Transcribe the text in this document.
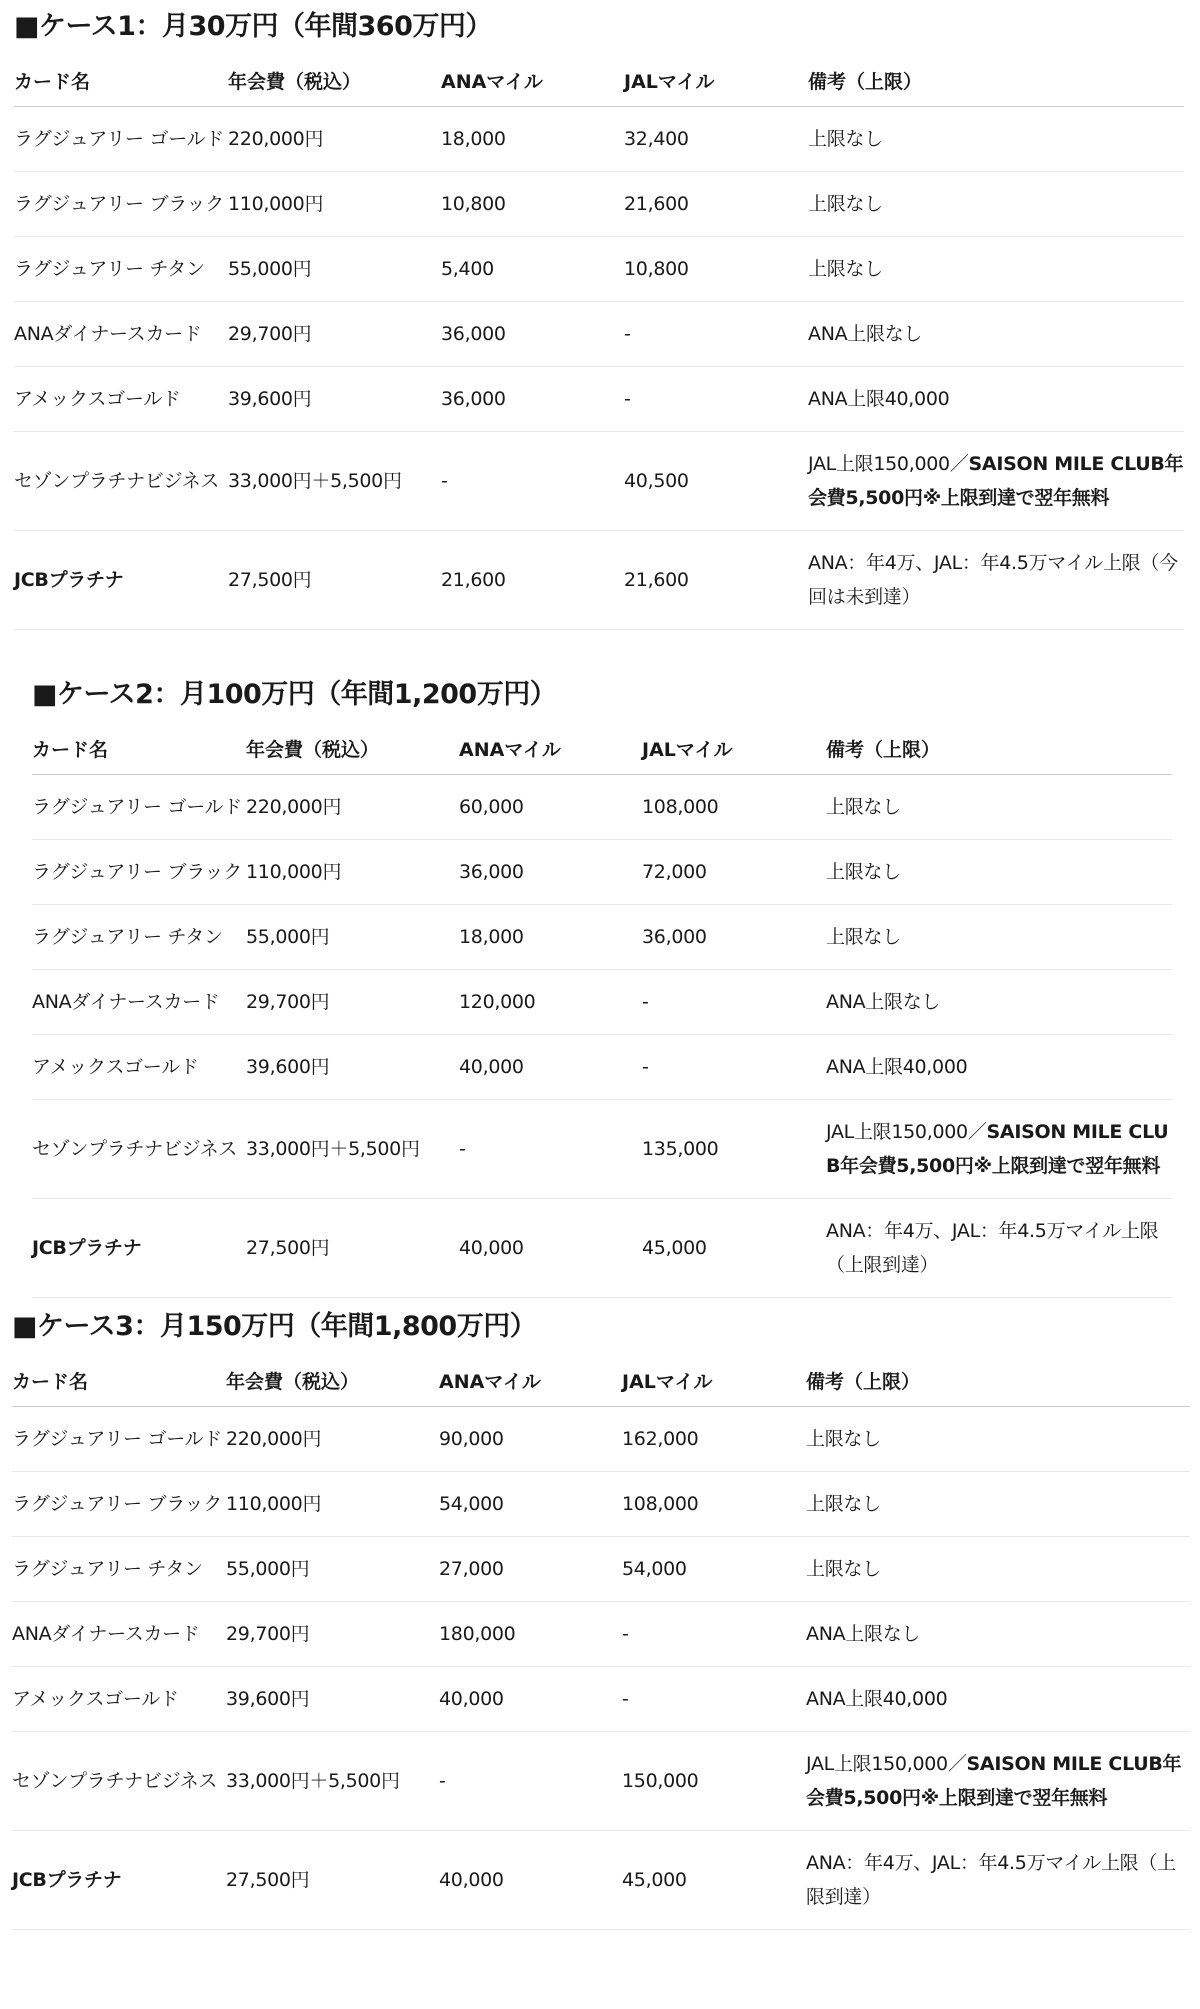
■ケース1：月30万円（年間360万円）
カード名	年会費（税込）	ANAマイル	JALマイル	備考（上限）
ラグジュアリー ゴールド	220,000円	18,000	32,400	上限なし
ラグジュアリー ブラック	110,000円	10,800	21,600	上限なし
ラグジュアリー チタン	55,000円	5,400	10,800	上限なし
ANAダイナースカード	29,700円	36,000	-	ANA上限なし
アメックスゴールド	39,600円	36,000	-	ANA上限40,000
セゾンプラチナビジネス	33,000円＋5,500円	-	40,500	JAL上限150,000／SAISON MILE CLUB年会費5,500円※上限到達で翌年無料
JCBプラチナ	27,500円	21,600	21,600	ANA：年4万、JAL：年4.5万マイル上限（今回は未到達）
■ケース2：月100万円（年間1,200万円）
カード名	年会費（税込）	ANAマイル	JALマイル	備考（上限）
ラグジュアリー ゴールド	220,000円	60,000	108,000	上限なし
ラグジュアリー ブラック	110,000円	36,000	72,000	上限なし
ラグジュアリー チタン	55,000円	18,000	36,000	上限なし
ANAダイナースカード	29,700円	120,000	-	ANA上限なし
アメックスゴールド	39,600円	40,000	-	ANA上限40,000
セゾンプラチナビジネス	33,000円＋5,500円	-	135,000	JAL上限150,000／SAISON MILE CLUB年会費5,500円※上限到達で翌年無料
JCBプラチナ	27,500円	40,000	45,000	ANA：年4万、JAL：年4.5万マイル上限（上限到達）
■ケース3：月150万円（年間1,800万円）
カード名	年会費（税込）	ANAマイル	JALマイル	備考（上限）
ラグジュアリー ゴールド	220,000円	90,000	162,000	上限なし
ラグジュアリー ブラック	110,000円	54,000	108,000	上限なし
ラグジュアリー チタン	55,000円	27,000	54,000	上限なし
ANAダイナースカード	29,700円	180,000	-	ANA上限なし
アメックスゴールド	39,600円	40,000	-	ANA上限40,000
セゾンプラチナビジネス	33,000円＋5,500円	-	150,000	JAL上限150,000／SAISON MILE CLUB年会費5,500円※上限到達で翌年無料
JCBプラチナ	27,500円	40,000	45,000	ANA：年4万、JAL：年4.5万マイル上限（上限到達）
